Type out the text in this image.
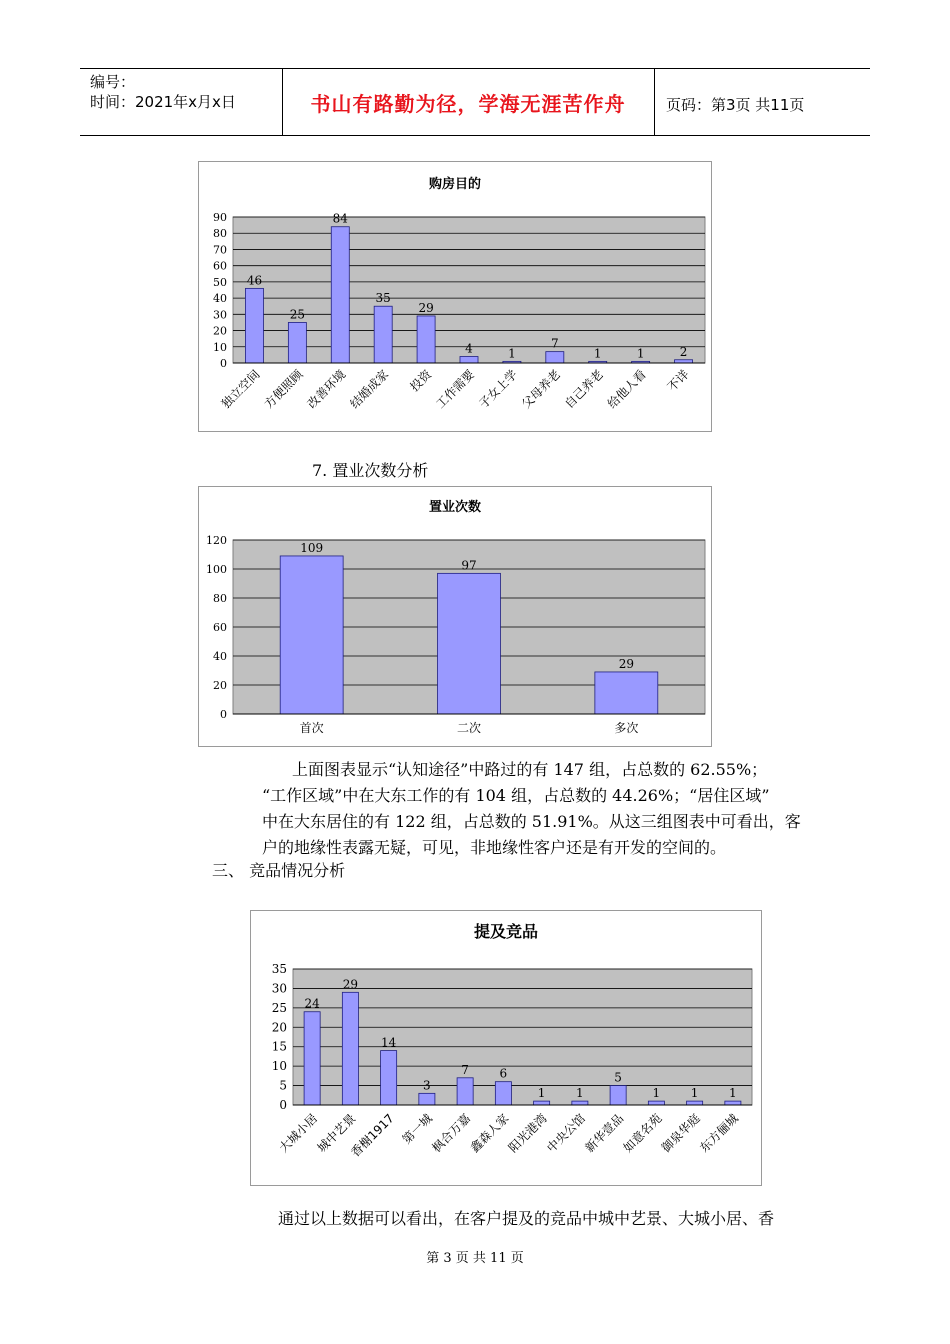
编号：
时间：2021年x月x日	书山有路勤为径，学海无涯苦作舟	页码：第3页 共11页
购房目的
0
10
20
30
40
50
60
70
80
90
46
独立空间
25
方便照顾
84
改善环境
35
结婚成家
29
投资
4
工作需要
1
子女上学
7
父母养老
1
自己养老
1
给他人看
2
不详
7. 置业次数分析
置业次数
0
20
40
60
80
100
120
109
首次
97
二次
29
多次
上面图表显示“认知途径”中路过的有 147 组，占总数的 62.55%；
“工作区域”中在大东工作的有 104 组，占总数的 44.26%；“居住区域”
中在大东居住的有 122 组，占总数的 51.91%。从这三组图表中可看出，客
户的地缘性表露无疑，可见，非地缘性客户还是有开发的空间的。
三、 竞品情况分析
提及竞品
0
5
10
15
20
25
30
35
24
大城小居
29
城中艺景
14
香榭1917
3
第一城
7
枫合万嘉
6
鑫森人家
1
阳光港湾
1
中央公馆
5
新华壹品
1
如意名苑
1
御泉华庭
1
东方俪城
通过以上数据可以看出，在客户提及的竞品中城中艺景、大城小居、香
第 3 页 共 11 页
